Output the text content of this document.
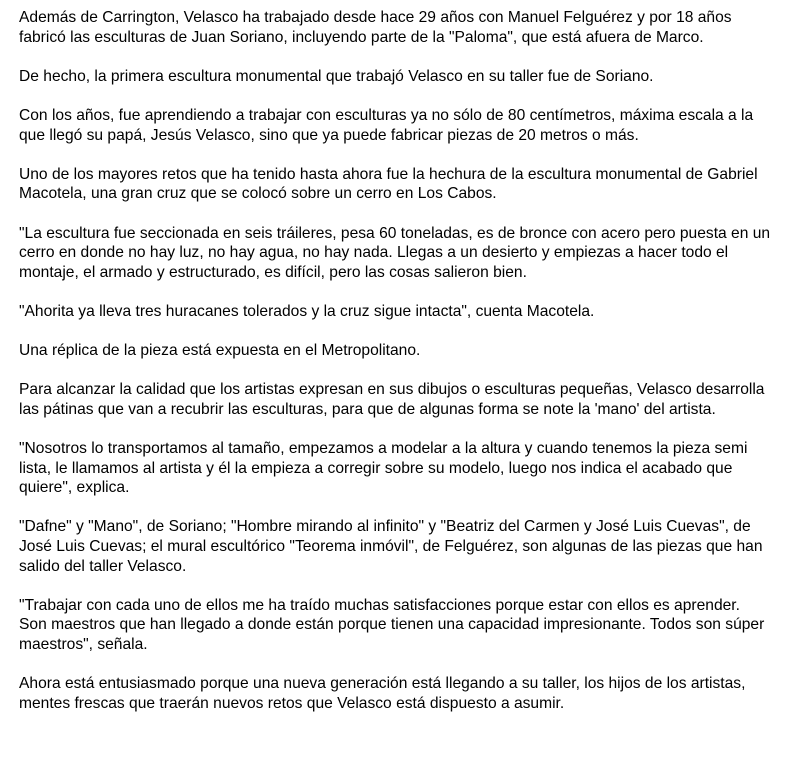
Además de Carrington, Velasco ha trabajado desde hace 29 años con Manuel Felguérez y por 18 años fabricó las esculturas de Juan Soriano, incluyendo parte de la "Paloma", que está afuera de Marco.

De hecho, la primera escultura monumental que trabajó Velasco en su taller fue de Soriano.

Con los años, fue aprendiendo a trabajar con esculturas ya no sólo de 80 centímetros, máxima escala a la que llegó su papá, Jesús Velasco, sino que ya puede fabricar piezas de 20 metros o más.

Uno de los mayores retos que ha tenido hasta ahora fue la hechura de la escultura monumental de Gabriel Macotela, una gran cruz que se colocó sobre un cerro en Los Cabos.

"La escultura fue seccionada en seis tráileres, pesa 60 toneladas, es de bronce con acero pero puesta en un cerro en donde no hay luz, no hay agua, no hay nada. Llegas a un desierto y empiezas a hacer todo el montaje, el armado y estructurado, es difícil, pero las cosas salieron bien.

"Ahorita ya lleva tres huracanes tolerados y la cruz sigue intacta", cuenta Macotela.

Una réplica de la pieza está expuesta en el Metropolitano.

Para alcanzar la calidad que los artistas expresan en sus dibujos o esculturas pequeñas, Velasco desarrolla las pátinas que van a recubrir las esculturas, para que de algunas forma se note la 'mano' del artista.

"Nosotros lo transportamos al tamaño, empezamos a modelar a la altura y cuando tenemos la pieza semi lista, le llamamos al artista y él la empieza a corregir sobre su modelo, luego nos indica el acabado que quiere", explica.

"Dafne" y "Mano", de Soriano; "Hombre mirando al infinito" y "Beatriz del Carmen y José Luis Cuevas", de José Luis Cuevas; el mural escultórico "Teorema inmóvil", de Felguérez, son algunas de las piezas que han salido del taller Velasco.

"Trabajar con cada uno de ellos me ha traído muchas satisfacciones porque estar con ellos es aprender. Son maestros que han llegado a donde están porque tienen una capacidad impresionante. Todos son súper maestros", señala.

Ahora está entusiasmado porque una nueva generación está llegando a su taller, los hijos de los artistas, mentes frescas que traerán nuevos retos que Velasco está dispuesto a asumir.
